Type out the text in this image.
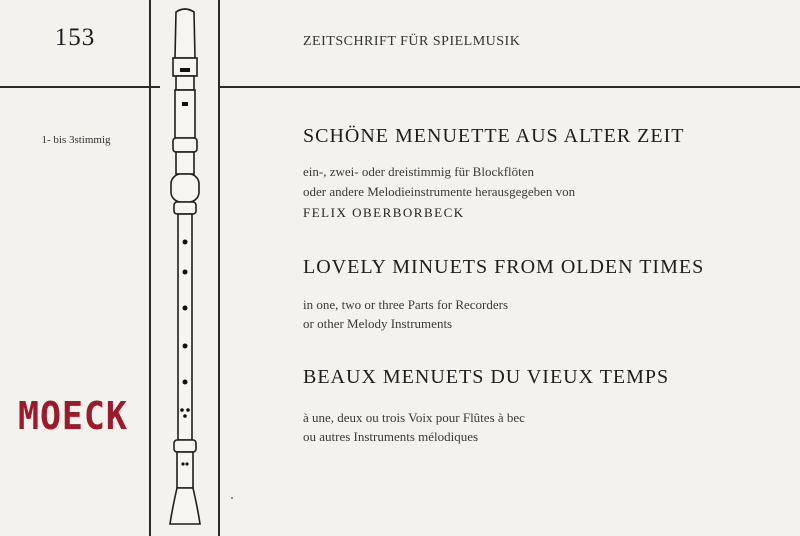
153
1- bis 3stimmig
MOECK
ZEITSCHRIFT FÜR SPIELMUSIK
SCHÖNE MENUETTE AUS ALTER ZEIT
ein-, zwei- oder dreistimmig für Blockflöten
oder andere Melodieinstrumente herausgegeben von
FELIX OBERBORBECK
LOVELY MINUETS FROM OLDEN TIMES
in one, two or three Parts for Recorders
or other Melody Instruments
BEAUX MENUETS DU VIEUX TEMPS
à une, deux ou trois Voix pour Flûtes à bec
ou autres Instruments mélodiques
